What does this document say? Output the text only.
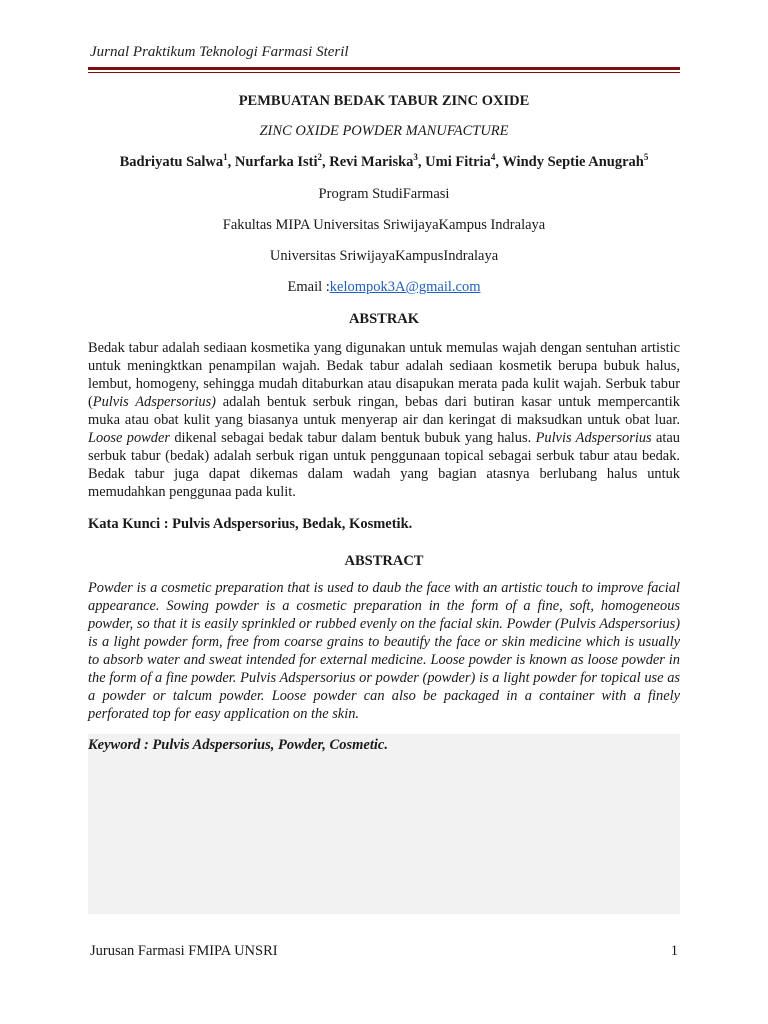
Jurnal Praktikum Teknologi Farmasi Steril
PEMBUATAN BEDAK TABUR ZINC OXIDE
ZINC OXIDE POWDER MANUFACTURE
Badriyatu Salwa$^1$, Nurfarka Isti$^2$, Revi Mariska$^3$, Umi Fitria$^4$, Windy Septie Anugrah$^5$
Program StudiFarmasi
Fakultas MIPA Universitas SriwijayaKampus Indralaya
Universitas SriwijayaKampusIndralaya
Email :kelompok3A@gmail.com
ABSTRAK
Bedak tabur adalah sediaan kosmetika yang digunakan untuk memulas wajah dengan sentuhan artistic untuk meningktkan penampilan wajah. Bedak tabur adalah sediaan kosmetik berupa bubuk halus, lembut, homogeny, sehingga mudah ditaburkan atau disapukan merata pada kulit wajah. Serbuk tabur (Pulvis Adspersorius) adalah bentuk serbuk ringan, bebas dari butiran kasar untuk mempercantik muka atau obat kulit yang biasanya untuk menyerap air dan keringat di maksudkan untuk obat luar. Loose powder dikenal sebagai bedak tabur dalam bentuk bubuk yang halus. Pulvis Adspersorius atau serbuk tabur (bedak) adalah serbuk rigan untuk penggunaan topical sebagai serbuk tabur atau bedak. Bedak tabur juga dapat dikemas dalam wadah yang bagian atasnya berlubang halus untuk memudahkan penggunaa pada kulit.
Kata Kunci : Pulvis Adspersorius, Bedak, Kosmetik.
ABSTRACT
Powder is a cosmetic preparation that is used to daub the face with an artistic touch to improve facial appearance. Sowing powder is a cosmetic preparation in the form of a fine, soft, homogeneous powder, so that it is easily sprinkled or rubbed evenly on the facial skin. Powder (Pulvis Adspersorius) is a light powder form, free from coarse grains to beautify the face or skin medicine which is usually to absorb water and sweat intended for external medicine. Loose powder is known as loose powder in the form of a fine powder. Pulvis Adspersorius or powder (powder) is a light powder for topical use as a powder or talcum powder. Loose powder can also be packaged in a container with a finely perforated top for easy application on the skin.
Keyword : Pulvis Adspersorius, Powder, Cosmetic.
Jurusan Farmasi FMIPA UNSRI	1
